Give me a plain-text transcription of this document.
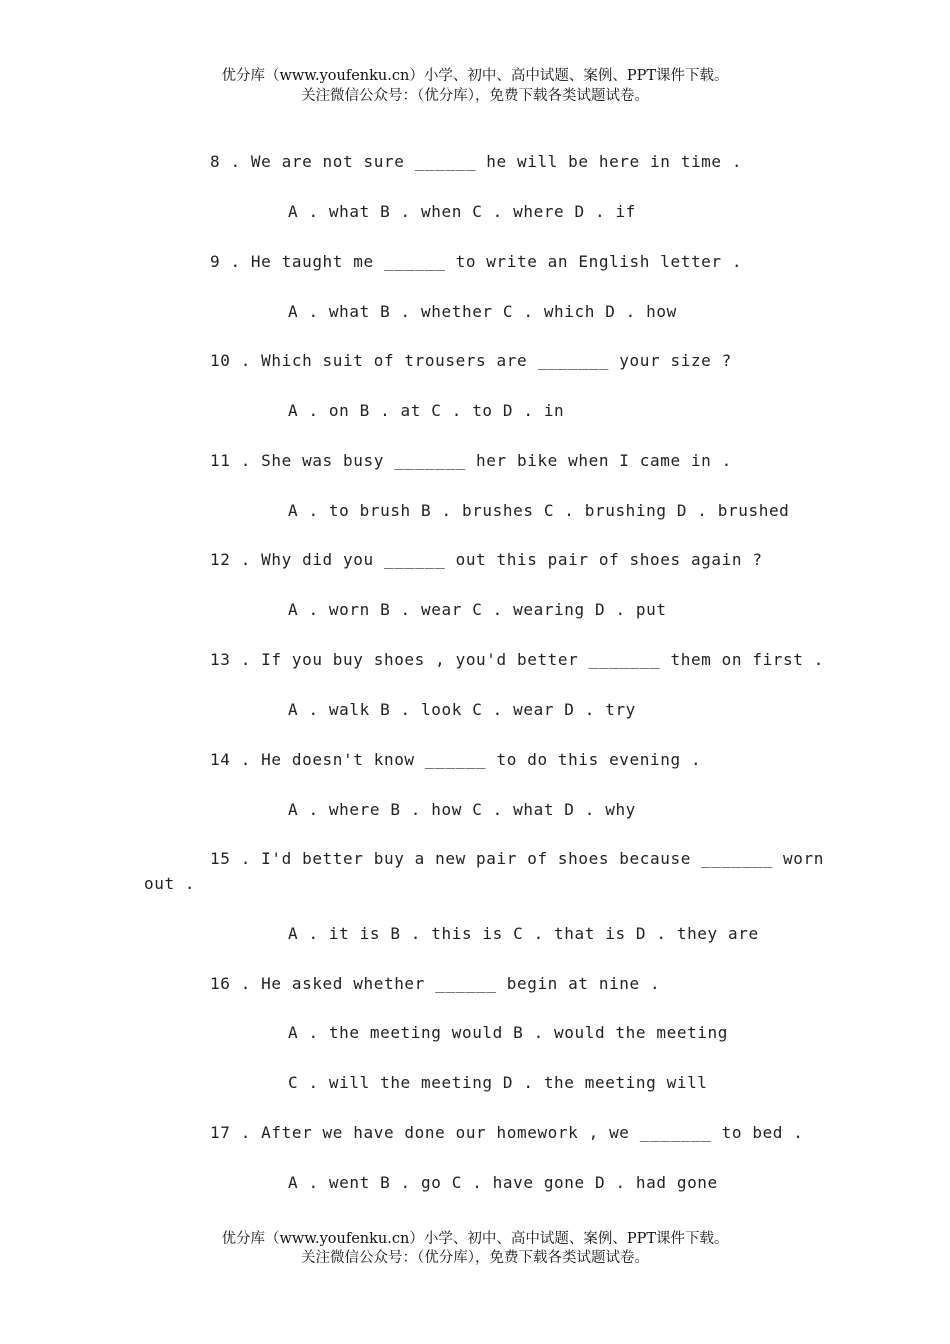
优分库（www.youfenku.cn）小学、初中、高中试题、案例、PPT课件下载。
关注微信公众号：（优分库），免费下载各类试题试卷。
8 . We are not sure ______ he will be here in time .
A . what B . when C . where D . if
9 . He taught me ______ to write an English letter .
A . what B . whether C . which D . how
10 . Which suit of trousers are _______ your size ?
A . on B . at C . to D . in
11 . She was busy _______ her bike when I came in .
A . to brush B . brushes C . brushing D . brushed
12 . Why did you ______ out this pair of shoes again ?
A . worn B . wear C . wearing D . put
13 . If you buy shoes , you'd better _______ them on first .
A . walk B . look C . wear D . try
14 . He doesn't know ______ to do this evening .
A . where B . how C . what D . why
15 . I'd better buy a new pair of shoes because _______ worn
out .
A . it is B . this is C . that is D . they are
16 . He asked whether ______ begin at nine .
A . the meeting would B . would the meeting
C . will the meeting D . the meeting will
17 . After we have done our homework , we _______ to bed .
A . went B . go C . have gone D . had gone
优分库（www.youfenku.cn）小学、初中、高中试题、案例、PPT课件下载。
关注微信公众号：（优分库），免费下载各类试题试卷。
